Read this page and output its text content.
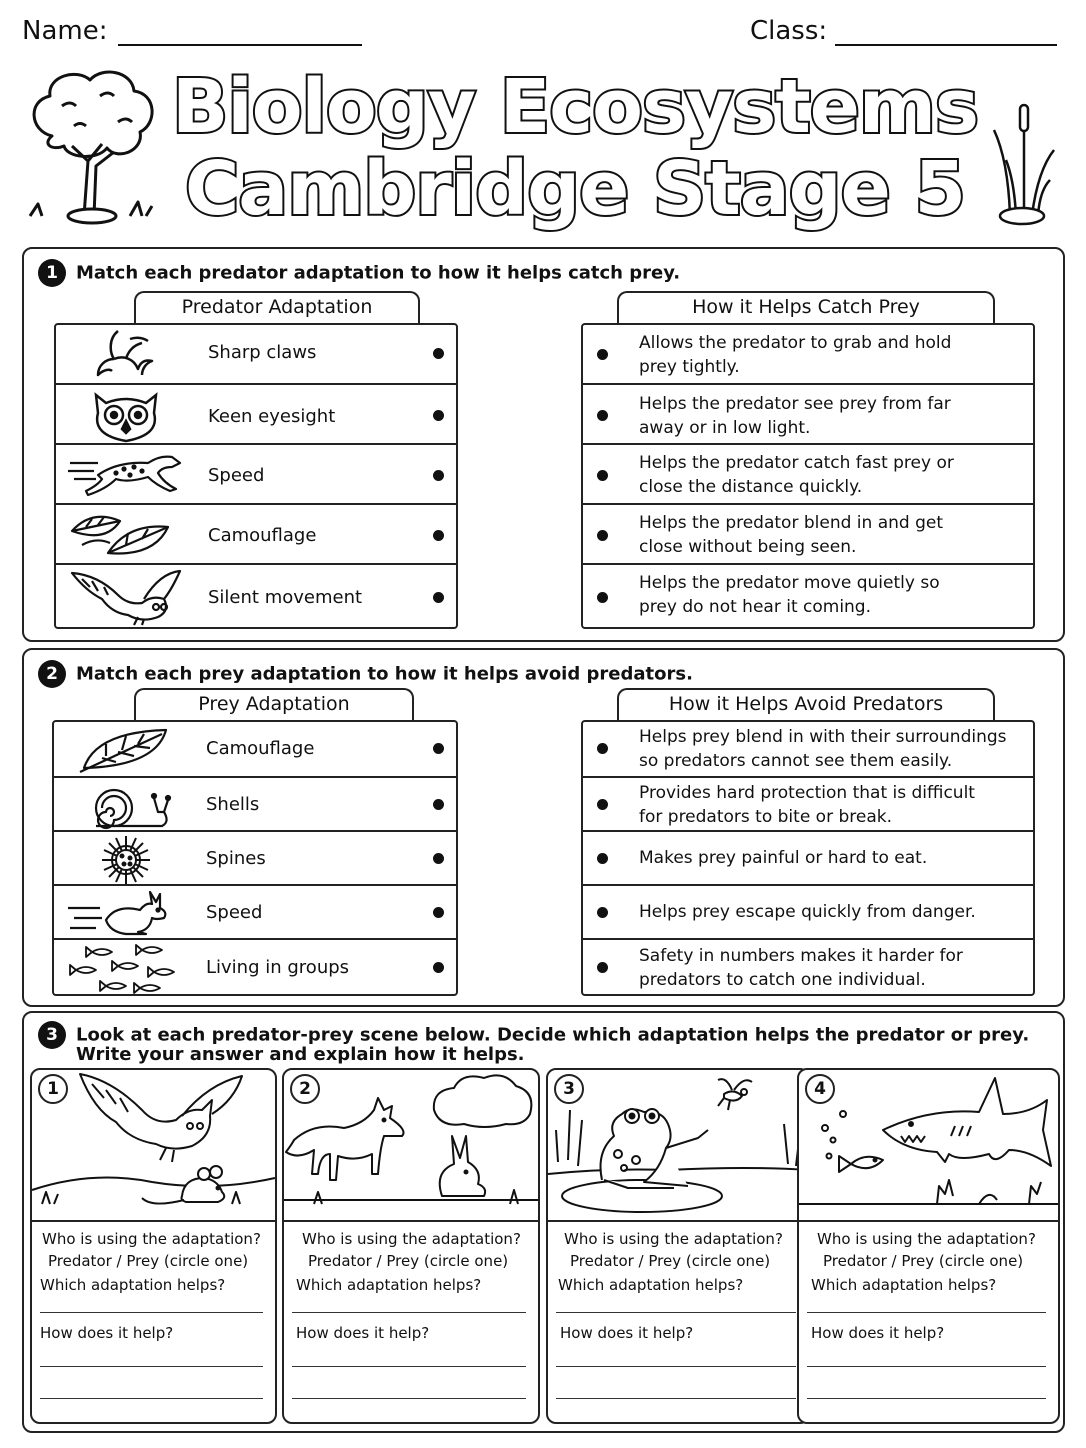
Name:	Class:
Biology Ecosystems
Cambridge Stage 5
1 Match each predator adaptation to how it helps catch prey.
Predator Adaptation	How it Helps Catch Prey
Sharp claws
Keen eyesight
Speed
Camouflage
Silent movement
Allows the predator to grab and hold
prey tightly.
Helps the predator see prey from far
away or in low light.
Helps the predator catch fast prey or
close the distance quickly.
Helps the predator blend in and get
close without being seen.
Helps the predator move quietly so
prey do not hear it coming.
2 Match each prey adaptation to how it helps avoid predators.
Prey Adaptation	How it Helps Avoid Predators
Camouflage
Shells
Spines
Speed
Living in groups
Helps prey blend in with their surroundings
so predators cannot see them easily.
Provides hard protection that is difficult
for predators to bite or break.
Makes prey painful or hard to eat.
Helps prey escape quickly from danger.
Safety in numbers makes it harder for
predators to catch one individual.
3 Look at each predator-prey scene below. Decide which adaptation helps the predator or prey.
Write your answer and explain how it helps.
1
Who is using the adaptation?
Predator / Prey (circle one)
Which adaptation helps?
How does it help?
2
Who is using the adaptation?
Predator / Prey (circle one)
Which adaptation helps?
How does it help?
3
Who is using the adaptation?
Predator / Prey (circle one)
Which adaptation helps?
How does it help?
4
Who is using the adaptation?
Predator / Prey (circle one)
Which adaptation helps?
How does it help?
